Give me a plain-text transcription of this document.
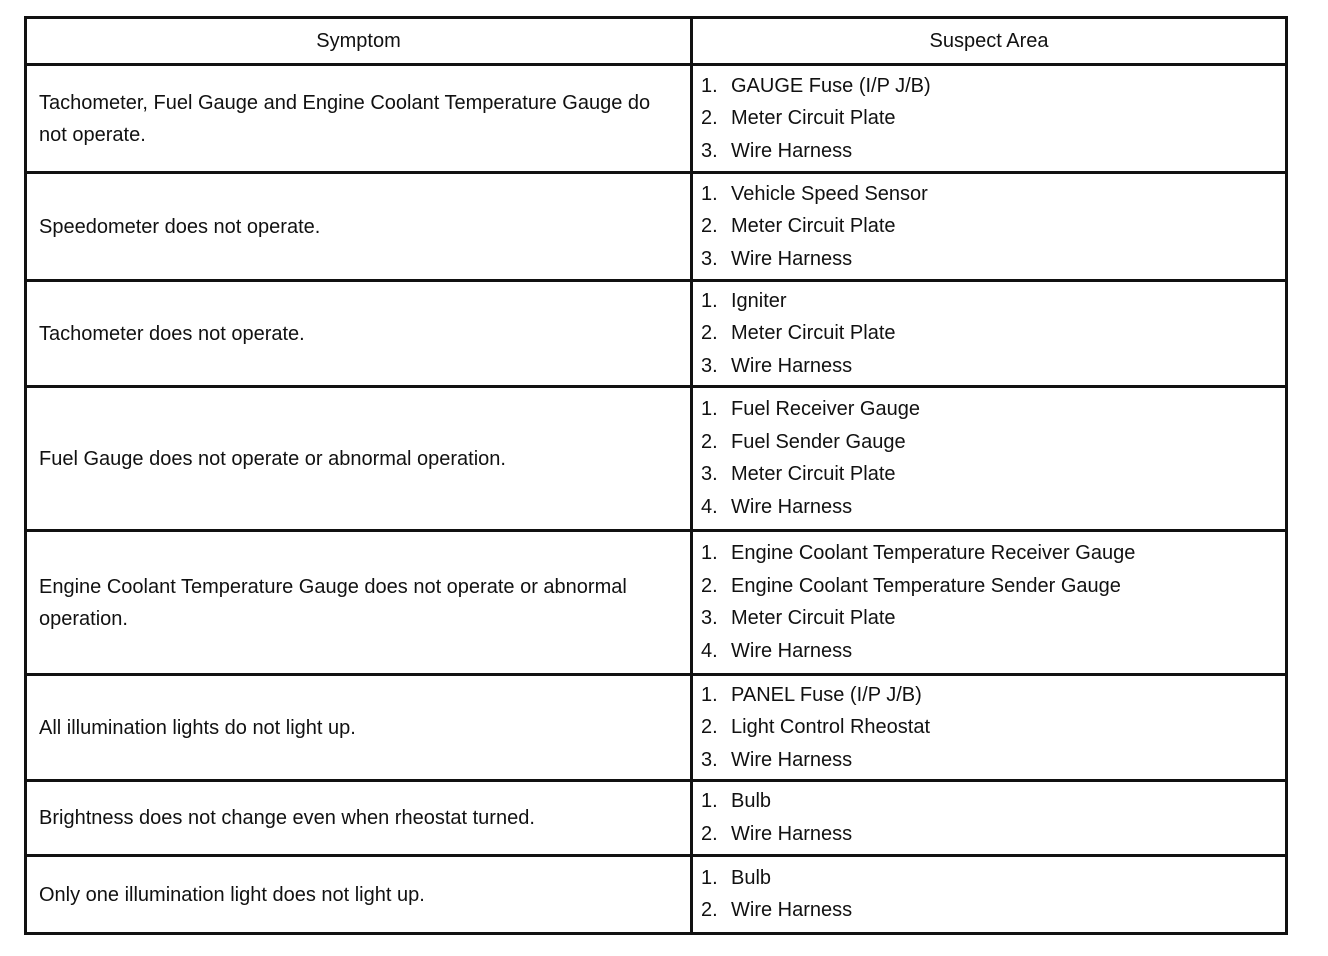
Symptom	Suspect Area
Tachometer, Fuel Gauge and Engine Coolant Temperature Gauge do not operate.
1. GAUGE Fuse (I/P J/B)
2. Meter Circuit Plate
3. Wire Harness
Speedometer does not operate.
1. Vehicle Speed Sensor
2. Meter Circuit Plate
3. Wire Harness
Tachometer does not operate.
1. Igniter
2. Meter Circuit Plate
3. Wire Harness
Fuel Gauge does not operate or abnormal operation.
1. Fuel Receiver Gauge
2. Fuel Sender Gauge
3. Meter Circuit Plate
4. Wire Harness
Engine Coolant Temperature Gauge does not operate or abnormal operation.
1. Engine Coolant Temperature Receiver Gauge
2. Engine Coolant Temperature Sender Gauge
3. Meter Circuit Plate
4. Wire Harness
All illumination lights do not light up.
1. PANEL Fuse (I/P J/B)
2. Light Control Rheostat
3. Wire Harness
Brightness does not change even when rheostat turned.
1. Bulb
2. Wire Harness
Only one illumination light does not light up.
1. Bulb
2. Wire Harness
